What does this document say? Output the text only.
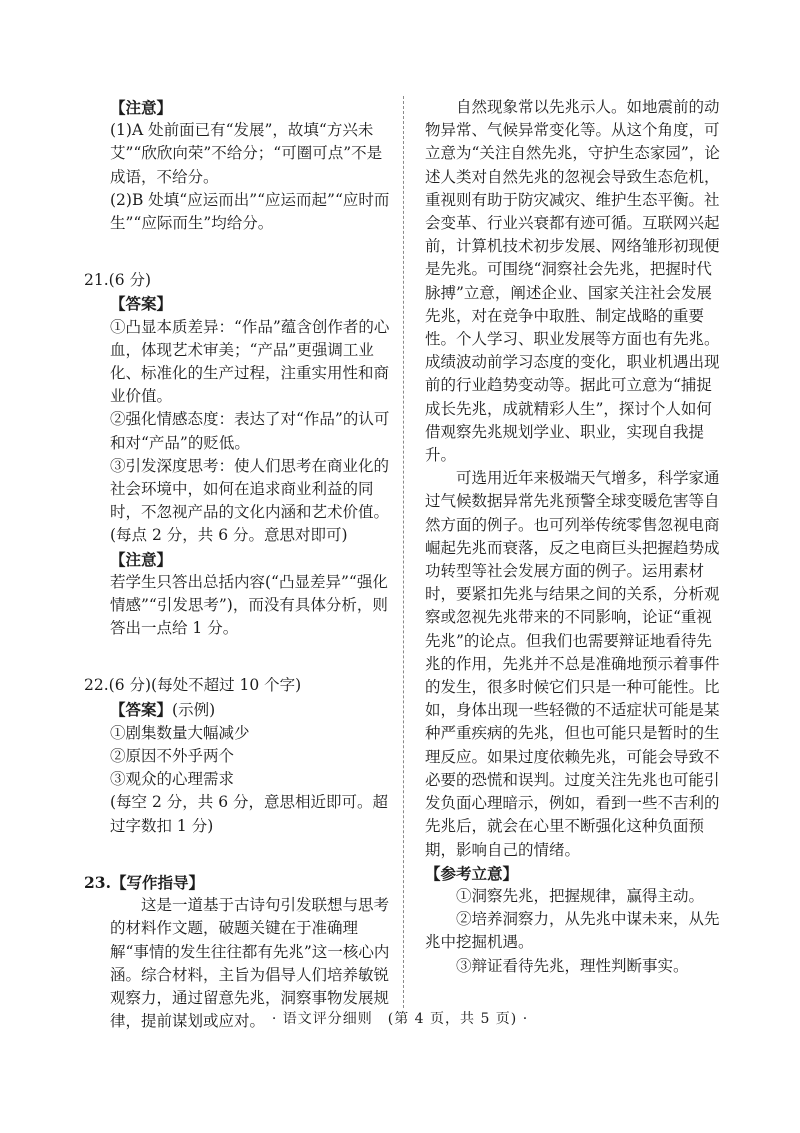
【注意】

(1)A 处前面已有“发展”，故填“方兴未艾”“欣欣向荣”不给分；“可圈可点”不是成语，不给分。

(2)B 处填“应运而出”“应运而起”“应时而生”“应际而生”均给分。

21.(6 分)

【答案】

①凸显本质差异：“作品”蕴含创作者的心血，体现艺术审美；“产品”更强调工业化、标准化的生产过程，注重实用性和商业价值。

②强化情感态度：表达了对“作品”的认可和对“产品”的贬低。

③引发深度思考：使人们思考在商业化的社会环境中，如何在追求商业利益的同时，不忽视产品的文化内涵和艺术价值。

(每点 2 分，共 6 分。意思对即可)

【注意】

若学生只答出总括内容(“凸显差异”“强化情感”“引发思考”)，而没有具体分析，则答出一点给 1 分。

22.(6 分)(每处不超过 10 个字)

【答案】(示例)

①剧集数量大幅减少

②原因不外乎两个

③观众的心理需求

(每空 2 分，共 6 分，意思相近即可。超过字数扣 1 分)

23.【写作指导】

这是一道基于古诗句引发联想与思考的材料作文题，破题关键在于准确理解“事情的发生往往都有先兆”这一核心内涵。综合材料，主旨为倡导人们培养敏锐观察力，通过留意先兆，洞察事物发展规律，提前谋划或应对。

自然现象常以先兆示人。如地震前的动物异常、气候异常变化等。从这个角度，可立意为“关注自然先兆，守护生态家园”，论述人类对自然先兆的忽视会导致生态危机，重视则有助于防灾减灾、维护生态平衡。社会变革、行业兴衰都有迹可循。互联网兴起前，计算机技术初步发展、网络雏形初现便是先兆。可围绕“洞察社会先兆，把握时代脉搏”立意，阐述企业、国家关注社会发展先兆，对在竞争中取胜、制定战略的重要性。个人学习、职业发展等方面也有先兆。成绩波动前学习态度的变化，职业机遇出现前的行业趋势变动等。据此可立意为“捕捉成长先兆，成就精彩人生”，探讨个人如何借观察先兆规划学业、职业，实现自我提升。

可选用近年来极端天气增多，科学家通过气候数据异常先兆预警全球变暖危害等自然方面的例子。也可列举传统零售忽视电商崛起先兆而衰落，反之电商巨头把握趋势成功转型等社会发展方面的例子。运用素材时，要紧扣先兆与结果之间的关系，分析观察或忽视先兆带来的不同影响，论证“重视先兆”的论点。但我们也需要辩证地看待先兆的作用，先兆并不总是准确地预示着事件的发生，很多时候它们只是一种可能性。比如，身体出现一些轻微的不适症状可能是某种严重疾病的先兆，但也可能只是暂时的生理反应。如果过度依赖先兆，可能会导致不必要的恐慌和误判。过度关注先兆也可能引发负面心理暗示，例如，看到一些不吉利的先兆后，就会在心里不断强化这种负面预期，影响自己的情绪。

【参考立意】

①洞察先兆，把握规律，赢得主动。

②培养洞察力，从先兆中谋未来，从先兆中挖掘机遇。

③辩证看待先兆，理性判断事实。

· 语文评分细则　(第 4 页，共 5 页) ·
